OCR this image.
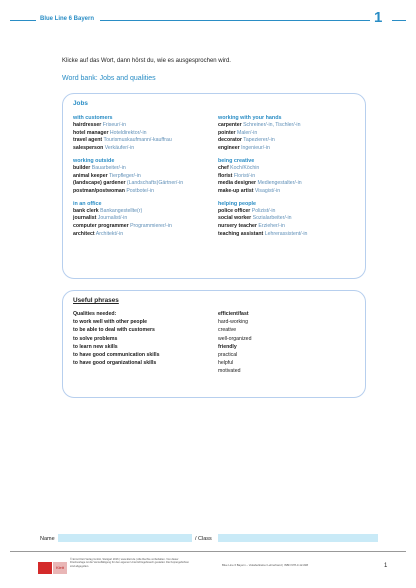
Blue Line 6 Bayern	1
Klicke auf das Wort, dann hörst du, wie es ausgesprochen wird.
Word bank: Jobs and qualities
Jobs
with customers
hairdresser Friseur/-in
hotel manager Hoteldirektor/-in
travel agent Tourismuskaufmann/-kauffrau
salesperson Verkäufer/-in
working outside
builder Bauarbeiter/-in
animal keeper Tierpfleger/-in
(landscape) gardener (Landschafts)Gärtner/-in
postman/postwoman Postbote/-in
in an office
bank clerk Bankangestellte(r)
journalist Journalist/-in
computer programmer Programmierer/-in
architect Architekt/-in
working with your hands
carpenter Schreiner/-in, Tischler/-in
pointer Maler/-in
decorator Tapezierer/-in
engineer Ingenieur/-in
being creative
chef Koch/Köchin
florist Florist/-in
media designer Mediengestalter/-in
make-up artist Visagist/-in
helping people
police officer Polizist/-in
social worker Sozialarbeiter/-in
nursery teacher Erzieher/-in
teaching assistant Lehrerassistent/-in
Useful phrases
Qualities needed:
to work well with other people
to be able to deal with customers
to solve problems
to learn new skills
to have good communication skills
to have good organizational skills
efficient/fast
hard-working
creative
well-organized
friendly
practical
helpful
motivated
Name	/ Class
Klett
© Ernst Klett Verlag GmbH, Stuttgart 2016 | www.klett.de | Alle Rechte vorbehalten. Von dieser Druckvorlage ist die Vervielfältigung für den eigenen Unterrichtsgebrauch gestattet. Die Kopiergebühren sind abgegolten.	Blue Line 6 Bayern – Vokabeltrainer Lehrerband | ISBN 978-3-12-###	1
